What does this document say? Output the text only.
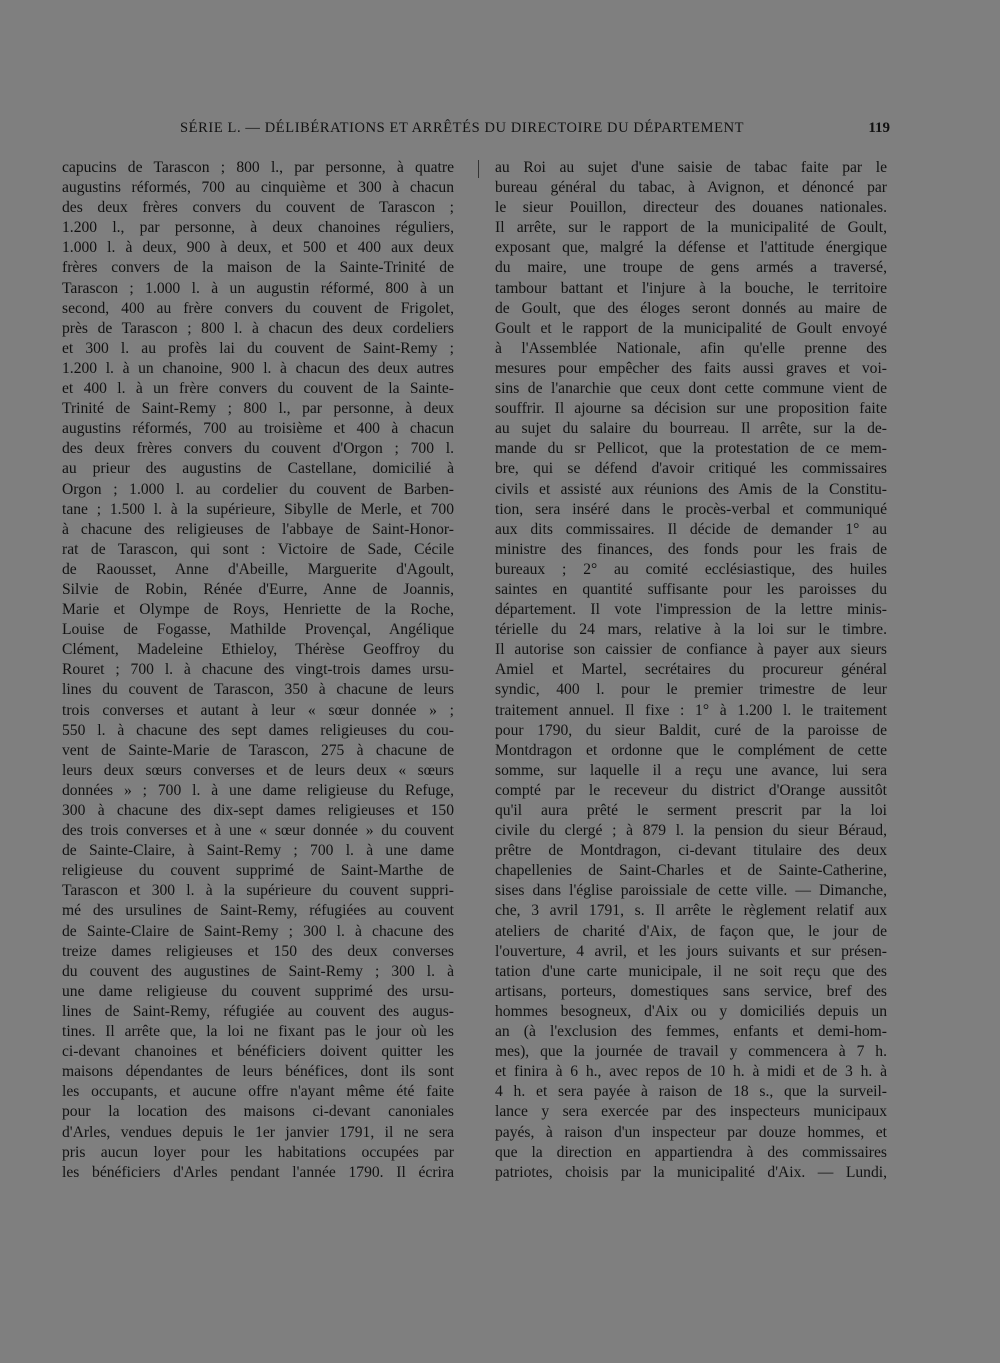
SÉRIE L. — DÉLIBÉRATIONS ET ARRÊTÉS DU DIRECTOIRE DU DÉPARTEMENT	119
capucins de Tarascon ; 800 l., par personne, à quatre
augustins réformés, 700 au cinquième et 300 à chacun
des deux frères convers du couvent de Tarascon ;
1.200 l., par personne, à deux chanoines réguliers,
1.000 l. à deux, 900 à deux, et 500 et 400 aux deux
frères convers de la maison de la Sainte-Trinité de
Tarascon ; 1.000 l. à un augustin réformé, 800 à un
second, 400 au frère convers du couvent de Frigolet,
près de Tarascon ; 800 l. à chacun des deux cordeliers
et 300 l. au profès lai du couvent de Saint-Remy ;
1.200 l. à un chanoine, 900 l. à chacun des deux autres
et 400 l. à un frère convers du couvent de la Sainte-
Trinité de Saint-Remy ; 800 l., par personne, à deux
augustins réformés, 700 au troisième et 400 à chacun
des deux frères convers du couvent d'Orgon ; 700 l.
au prieur des augustins de Castellane, domicilié à
Orgon ; 1.000 l. au cordelier du couvent de Barben-
tane ; 1.500 l. à la supérieure, Sibylle de Merle, et 700
à chacune des religieuses de l'abbaye de Saint-Honor-
rat de Tarascon, qui sont : Victoire de Sade, Cécile
de Raousset, Anne d'Abeille, Marguerite d'Agoult,
Silvie de Robin, Rénée d'Eurre, Anne de Joannis,
Marie et Olympe de Roys, Henriette de la Roche,
Louise de Fogasse, Mathilde Provençal, Angélique
Clément, Madeleine Ethieloy, Thérèse Geoffroy du
Rouret ; 700 l. à chacune des vingt-trois dames ursu-
lines du couvent de Tarascon, 350 à chacune de leurs
trois converses et autant à leur « sœur donnée » ;
550 l. à chacune des sept dames religieuses du cou-
vent de Sainte-Marie de Tarascon, 275 à chacune de
leurs deux sœurs converses et de leurs deux « sœurs
données » ; 700 l. à une dame religieuse du Refuge,
300 à chacune des dix-sept dames religieuses et 150
des trois converses et à une « sœur donnée » du couvent
de Sainte-Claire, à Saint-Remy ; 700 l. à une dame
religieuse du couvent supprimé de Saint-Marthe de
Tarascon et 300 l. à la supérieure du couvent suppri-
mé des ursulines de Saint-Remy, réfugiées au couvent
de Sainte-Claire de Saint-Remy ; 300 l. à chacune des
treize dames religieuses et 150 des deux converses
du couvent des augustines de Saint-Remy ; 300 l. à
une dame religieuse du couvent supprimé des ursu-
lines de Saint-Remy, réfugiée au couvent des augus-
tines. Il arrête que, la loi ne fixant pas le jour où les
ci-devant chanoines et bénéficiers doivent quitter les
maisons dépendantes de leurs bénéfices, dont ils sont
les occupants, et aucune offre n'ayant même été faite
pour la location des maisons ci-devant canoniales
d'Arles, vendues depuis le 1er janvier 1791, il ne sera
pris aucun loyer pour les habitations occupées par
les bénéficiers d'Arles pendant l'année 1790. Il écrira
au Roi au sujet d'une saisie de tabac faite par le
bureau général du tabac, à Avignon, et dénoncé par
le sieur Pouillon, directeur des douanes nationales.
Il arrête, sur le rapport de la municipalité de Goult,
exposant que, malgré la défense et l'attitude énergique
du maire, une troupe de gens armés a traversé,
tambour battant et l'injure à la bouche, le territoire
de Goult, que des éloges seront donnés au maire de
Goult et le rapport de la municipalité de Goult envoyé
à l'Assemblée Nationale, afin qu'elle prenne des
mesures pour empêcher des faits aussi graves et voi-
sins de l'anarchie que ceux dont cette commune vient de
souffrir. Il ajourne sa décision sur une proposition faite
au sujet du salaire du bourreau. Il arrête, sur la de-
mande du sr Pellicot, que la protestation de ce mem-
bre, qui se défend d'avoir critiqué les commissaires
civils et assisté aux réunions des Amis de la Constitu-
tion, sera inséré dans le procès-verbal et communiqué
aux dits commissaires. Il décide de demander 1° au
ministre des finances, des fonds pour les frais de
bureaux ; 2° au comité ecclésiastique, des huiles
saintes en quantité suffisante pour les paroisses du
département. Il vote l'impression de la lettre minis-
térielle du 24 mars, relative à la loi sur le timbre.
Il autorise son caissier de confiance à payer aux sieurs
Amiel et Martel, secrétaires du procureur général
syndic, 400 l. pour le premier trimestre de leur
traitement annuel. Il fixe : 1° à 1.200 l. le traitement
pour 1790, du sieur Baldit, curé de la paroisse de
Montdragon et ordonne que le complément de cette
somme, sur laquelle il a reçu une avance, lui sera
compté par le receveur du district d'Orange aussitôt
qu'il aura prêté le serment prescrit par la loi
civile du clergé ; à 879 l. la pension du sieur Béraud,
prêtre de Montdragon, ci-devant titulaire des deux
chapellenies de Saint-Charles et de Sainte-Catherine,
sises dans l'église paroissiale de cette ville. — Dimanche,
che, 3 avril 1791, s. Il arrête le règlement relatif aux
ateliers de charité d'Aix, de façon que, le jour de
l'ouverture, 4 avril, et les jours suivants et sur présen-
tation d'une carte municipale, il ne soit reçu que des
artisans, porteurs, domestiques sans service, bref des
hommes besogneux, d'Aix ou y domiciliés depuis un
an (à l'exclusion des femmes, enfants et demi-hom-
mes), que la journée de travail y commencera à 7 h.
et finira à 6 h., avec repos de 10 h. à midi et de 3 h. à
4 h. et sera payée à raison de 18 s., que la surveil-
lance y sera exercée par des inspecteurs municipaux
payés, à raison d'un inspecteur par douze hommes, et
que la direction en appartiendra à des commissaires
patriotes, choisis par la municipalité d'Aix. — Lundi,
